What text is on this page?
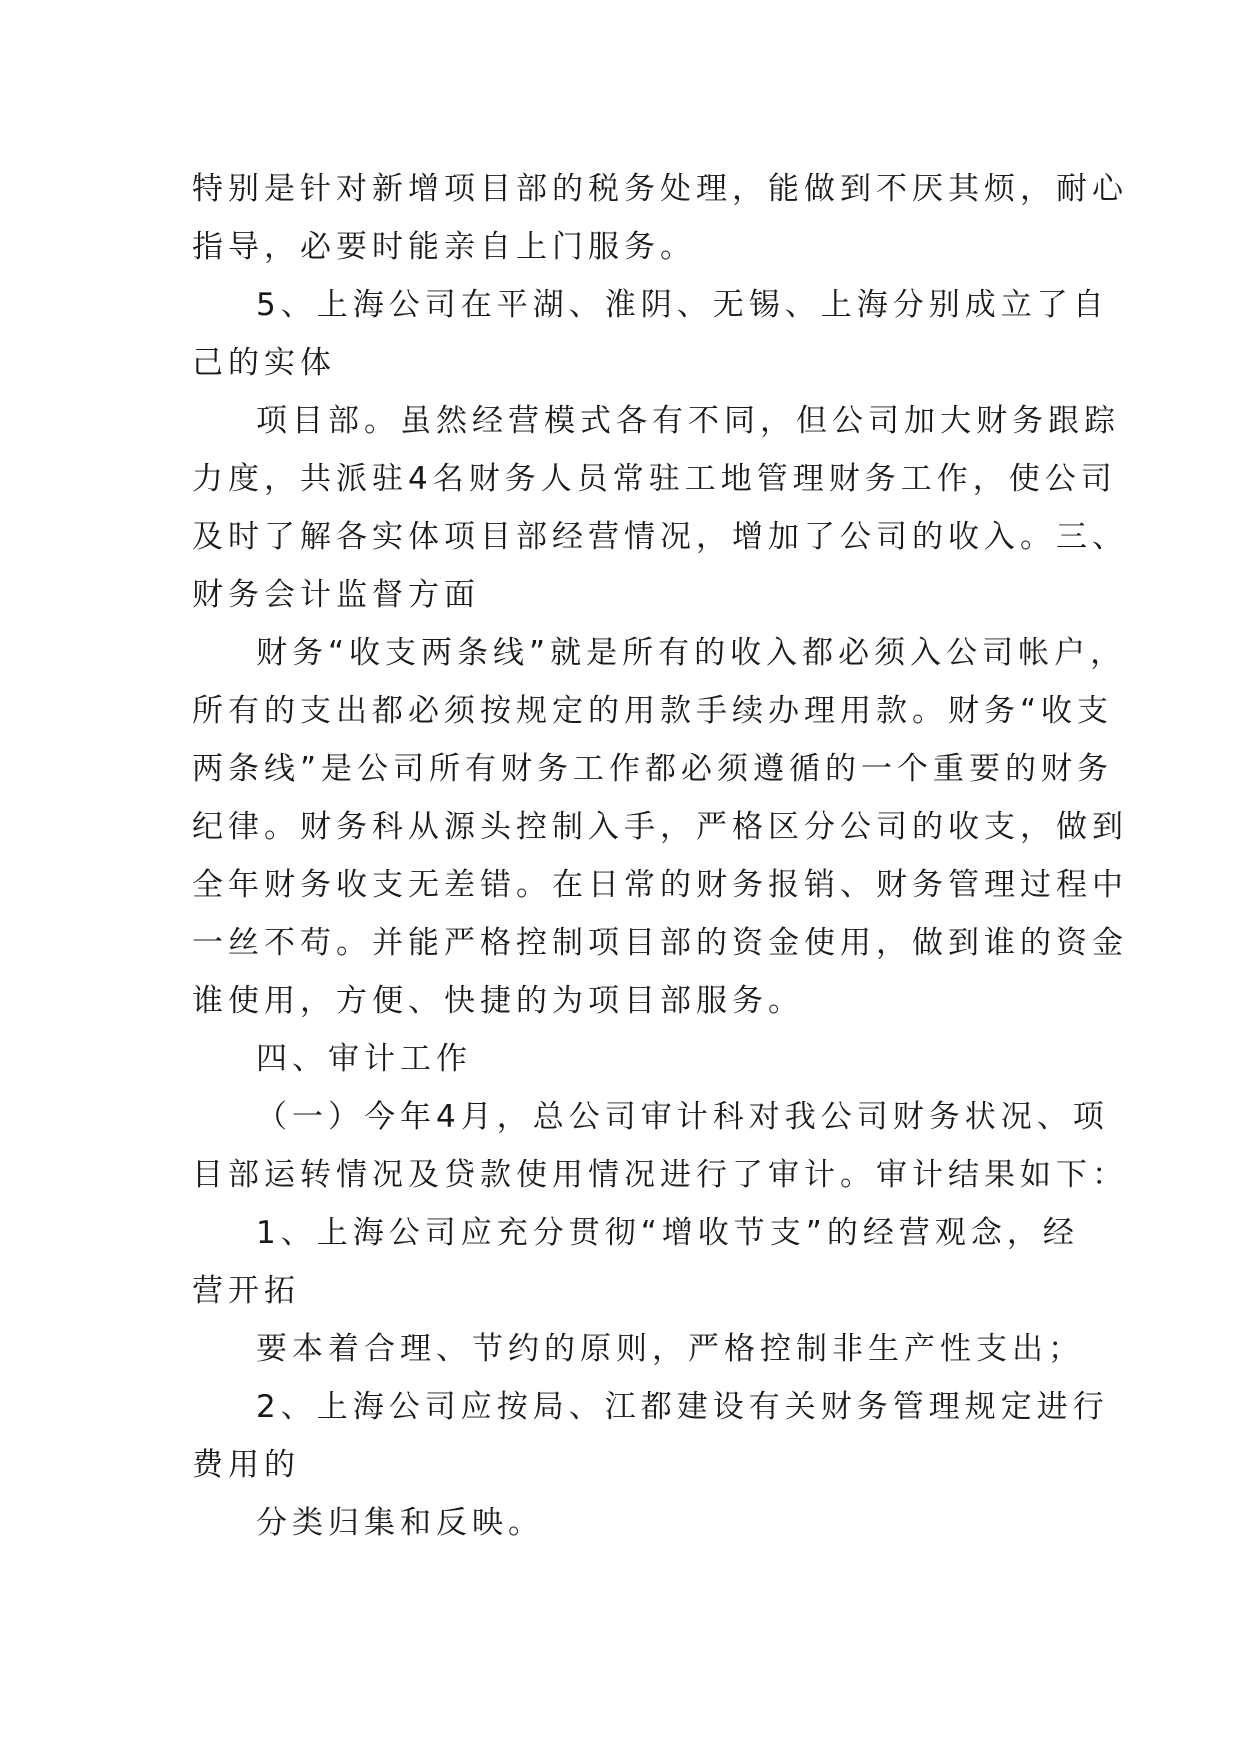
特别是针对新增项目部的税务处理，能做到不厌其烦，耐心

指导，必要时能亲自上门服务。

5、上海公司在平湖、淮阴、无锡、上海分别成立了自

己的实体

项目部。虽然经营模式各有不同，但公司加大财务跟踪

力度，共派驻4名财务人员常驻工地管理财务工作，使公司

及时了解各实体项目部经营情况，增加了公司的收入。三、

财务会计监督方面

财务“收支两条线”就是所有的收入都必须入公司帐户，

所有的支出都必须按规定的用款手续办理用款。财务“收支

两条线”是公司所有财务工作都必须遵循的一个重要的财务

纪律。财务科从源头控制入手，严格区分公司的收支，做到

全年财务收支无差错。在日常的财务报销、财务管理过程中

一丝不苟。并能严格控制项目部的资金使用，做到谁的资金

谁使用，方便、快捷的为项目部服务。

四、审计工作

（一）今年4月，总公司审计科对我公司财务状况、项

目部运转情况及贷款使用情况进行了审计。审计结果如下：

1、上海公司应充分贯彻“增收节支”的经营观念，经

营开拓

要本着合理、节约的原则，严格控制非生产性支出；

2、上海公司应按局、江都建设有关财务管理规定进行

费用的

分类归集和反映。
